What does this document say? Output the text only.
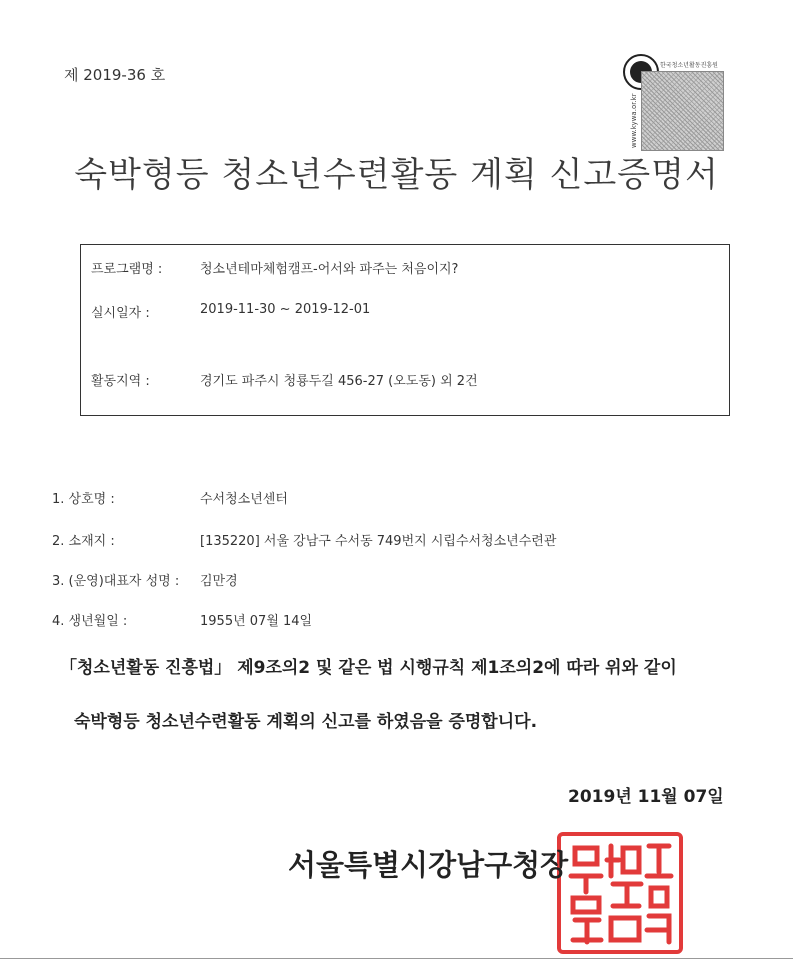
제 2019-36 호
한국청소년활동진흥원
www.kywa.or.kr
숙박형등 청소년수련활동 계획 신고증명서
프로그램명 :	청소년테마체험캠프-어서와 파주는 처음이지?
실시일자 :	2019-11-30 ~ 2019-12-01
활동지역 :	경기도 파주시 청룡두길 456-27 (오도동) 외 2건
1. 상호명 :	수서청소년센터
2. 소재지 :	[135220] 서울 강남구 수서동 749번지 시립수서청소년수련관
3. (운영)대표자 성명 : 김만경
4. 생년월일 :	1955년 07월 14일
「청소년활동 진흥법」 제9조의2 및 같은 법 시행규칙 제1조의2에 따라 위와 같이
숙박형등 청소년수련활동 계획의 신고를 하였음을 증명합니다.
2019년 11월 07일
서울특별시강남구청장
